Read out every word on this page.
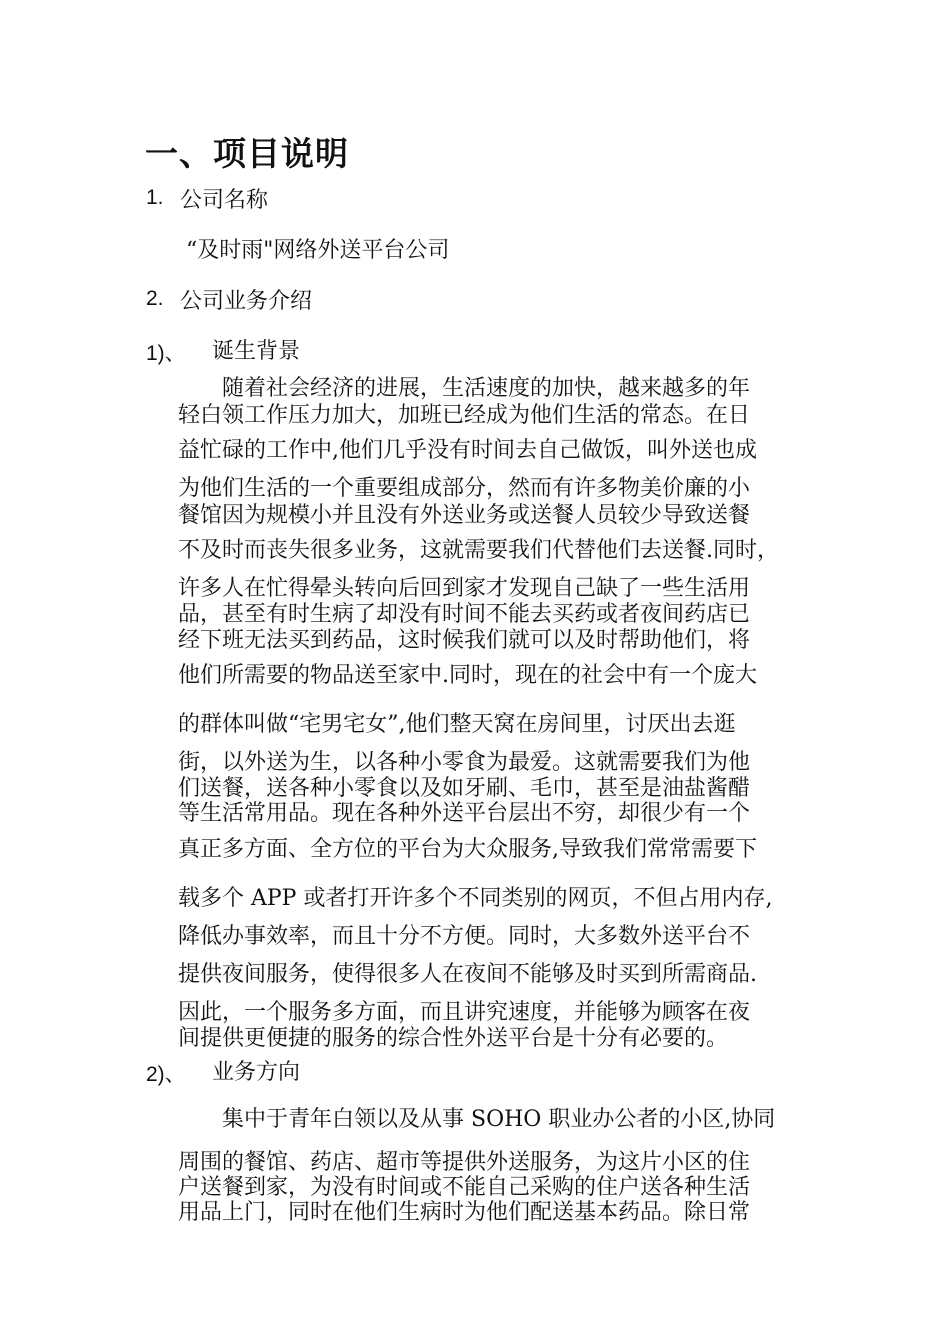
一、项目说明
1. 公司名称
“及时雨"网络外送平台公司
2. 公司业务介绍
1)、 诞生背景
　　随着社会经济的进展，生活速度的加快，越来越多的年
轻白领工作压力加大，加班已经成为他们生活的常态。在日
益忙碌的工作中,他们几乎没有时间去自己做饭，叫外送也成
为他们生活的一个重要组成部分，然而有许多物美价廉的小
餐馆因为规模小并且没有外送业务或送餐人员较少导致送餐
不及时而丧失很多业务，这就需要我们代替他们去送餐.同时，
许多人在忙得晕头转向后回到家才发现自己缺了一些生活用
品，甚至有时生病了却没有时间不能去买药或者夜间药店已
经下班无法买到药品，这时候我们就可以及时帮助他们，将
他们所需要的物品送至家中.同时，现在的社会中有一个庞大
的群体叫做“宅男宅女”,他们整天窝在房间里，讨厌出去逛
街，以外送为生，以各种小零食为最爱。这就需要我们为他
们送餐，送各种小零食以及如牙刷、毛巾，甚至是油盐酱醋
等生活常用品。现在各种外送平台层出不穷，却很少有一个
真正多方面、全方位的平台为大众服务,导致我们常常需要下
载多个 APP 或者打开许多个不同类别的网页，不但占用内存,
降低办事效率，而且十分不方便。同时，大多数外送平台不
提供夜间服务，使得很多人在夜间不能够及时买到所需商品.
因此，一个服务多方面，而且讲究速度，并能够为顾客在夜
间提供更便捷的服务的综合性外送平台是十分有必要的。
2)、 业务方向
　　集中于青年白领以及从事 SOHO 职业办公者的小区,协同
周围的餐馆、药店、超市等提供外送服务，为这片小区的住
户送餐到家，为没有时间或不能自己采购的住户送各种生活
用品上门，同时在他们生病时为他们配送基本药品。除日常
